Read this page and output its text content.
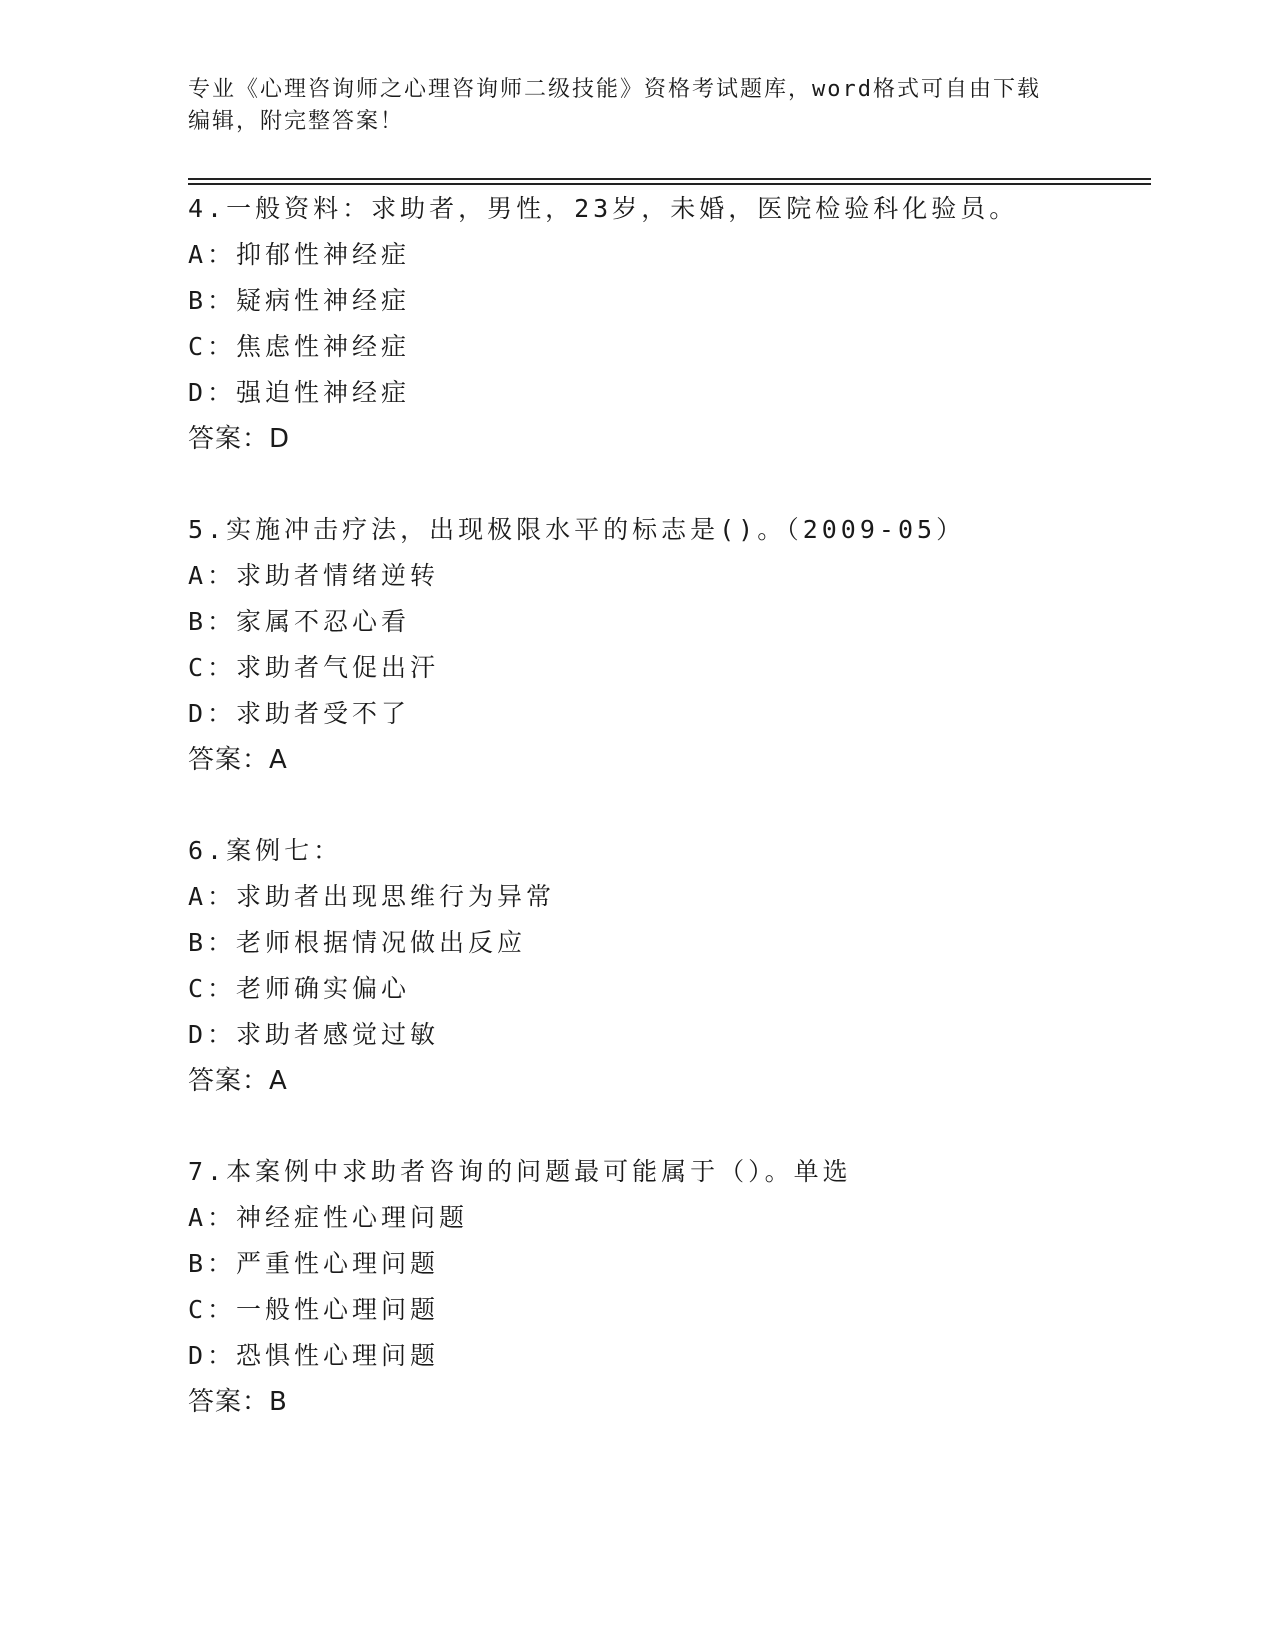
专业《心理咨询师之心理咨询师二级技能》资格考试题库，word格式可自由下载
编辑，附完整答案！
4.一般资料：求助者，男性，23岁，未婚，医院检验科化验员。
A：抑郁性神经症
B：疑病性神经症
C：焦虑性神经症
D：强迫性神经症
答案：D
5.实施冲击疗法，出现极限水平的标志是()。（2009-05）
A：求助者情绪逆转
B：家属不忍心看
C：求助者气促出汗
D：求助者受不了
答案：A
6.案例七：
A：求助者出现思维行为异常
B：老师根据情况做出反应
C：老师确实偏心
D：求助者感觉过敏
答案：A
7.本案例中求助者咨询的问题最可能属于（）。单选
A：神经症性心理问题
B：严重性心理问题
C：一般性心理问题
D：恐惧性心理问题
答案：B
